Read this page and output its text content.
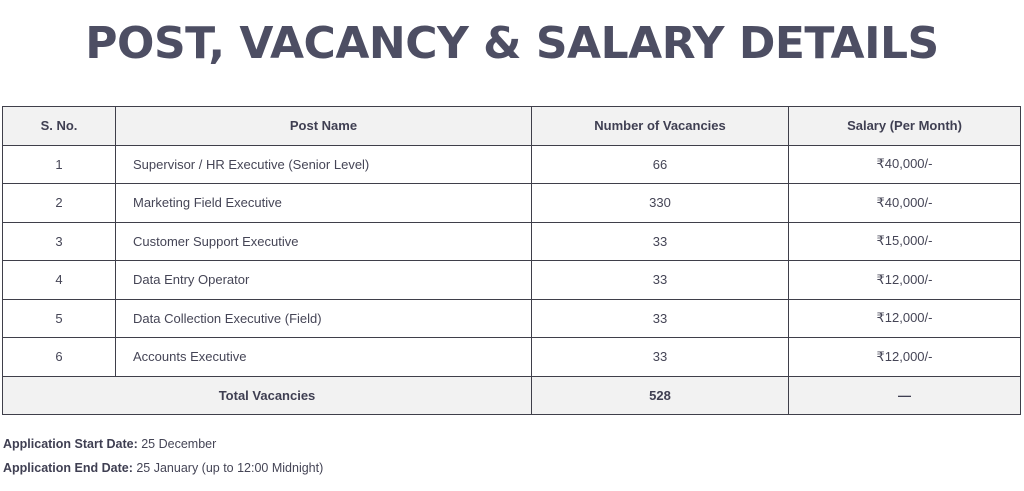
POST, VACANCY & SALARY DETAILS
S. No.	Post Name	Number of Vacancies	Salary (Per Month)
1	Supervisor / HR Executive (Senior Level)	66	₹40,000/-
2	Marketing Field Executive	330	₹40,000/-
3	Customer Support Executive	33	₹15,000/-
4	Data Entry Operator	33	₹12,000/-
5	Data Collection Executive (Field)	33	₹12,000/-
6	Accounts Executive	33	₹12,000/-
Total Vacancies		528	—
Application Start Date: 25 December
Application End Date: 25 January (up to 12:00 Midnight)
